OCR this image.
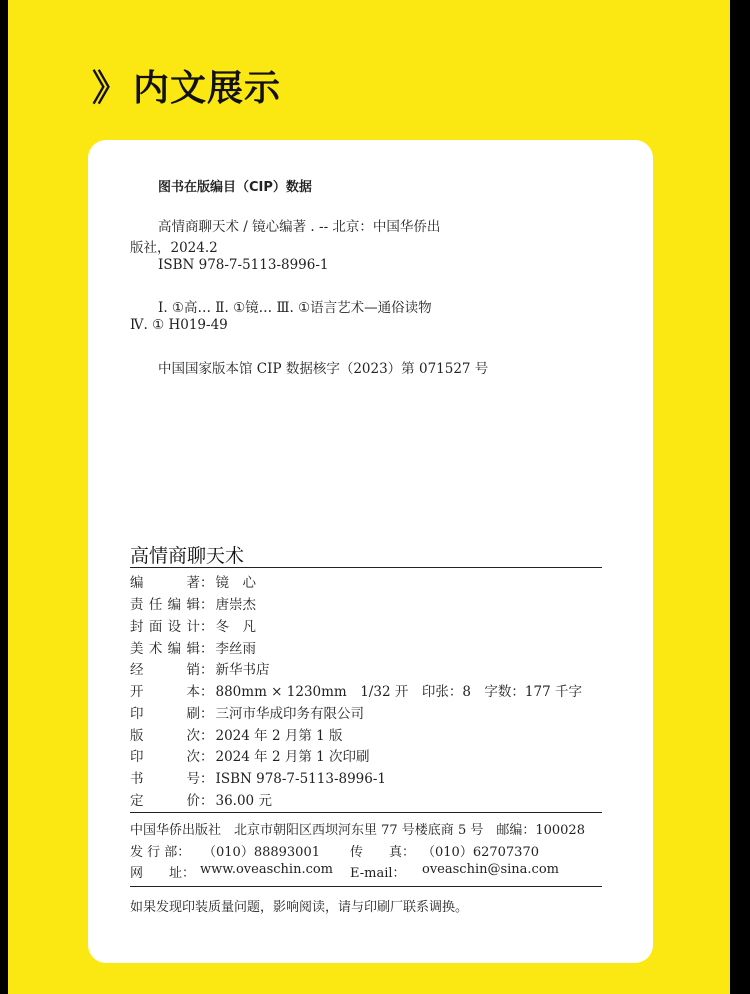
》 内文展示
图书在版编目（CIP）数据
高情商聊天术 / 镜心编著 . -- 北京：中国华侨出
版社，2024.2
ISBN 978-7-5113-8996-1
Ⅰ. ①高… Ⅱ. ①镜… Ⅲ. ①语言艺术—通俗读物
Ⅳ. ① H019-49
中国国家版本馆 CIP 数据核字（2023）第 071527 号
高情商聊天术
编著： 镜　心
责任编辑： 唐崇杰
封面设计： 冬　凡
美术编辑： 李丝雨
经销： 新华书店
开本： 880mm × 1230mm　1/32 开　印张：8　字数：177 千字
印刷： 三河市华成印务有限公司
版次： 2024 年 2 月第 1 版
印次： 2024 年 2 月第 1 次印刷
书号： ISBN 978-7-5113-8996-1
定价： 36.00 元
中国华侨出版社　北京市朝阳区西坝河东里 77 号楼底商 5 号　邮编：100028
发 行 部： （010）88893001 传　　真： （010）62707370
网　　址： www.oveaschin.com E-mail： oveaschin@sina.com
如果发现印装质量问题，影响阅读，请与印刷厂联系调换。
